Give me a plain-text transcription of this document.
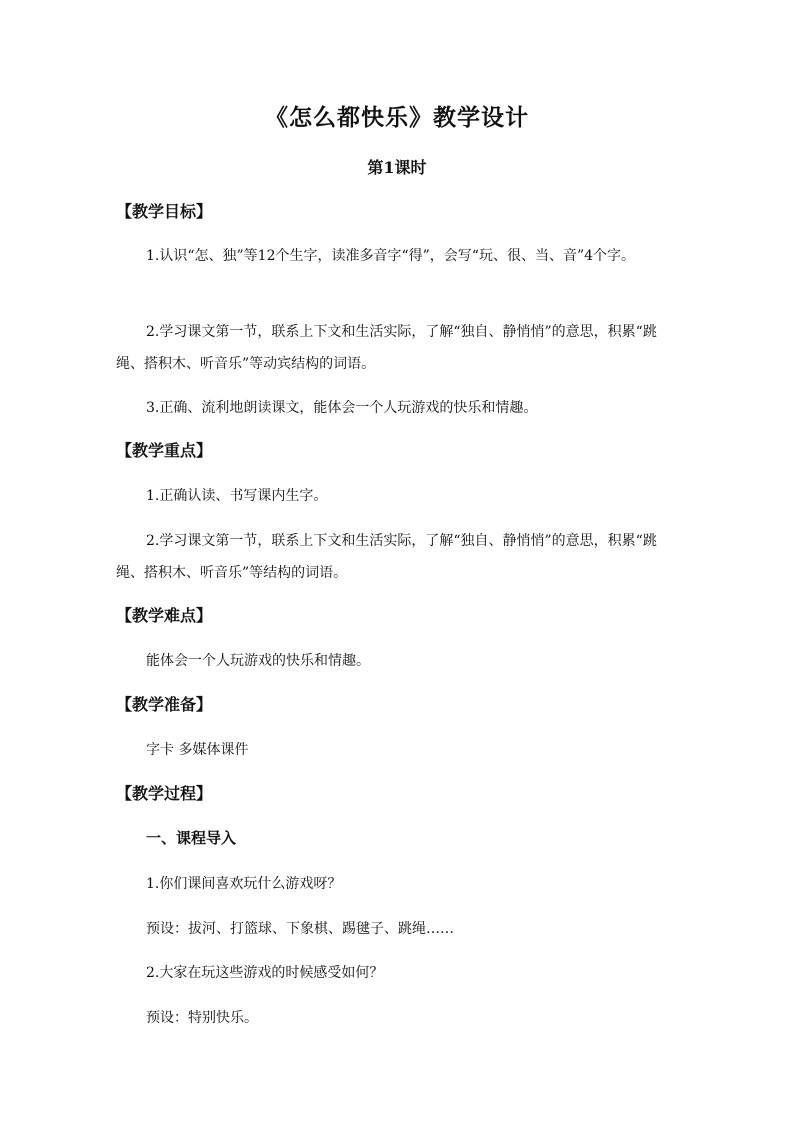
《怎么都快乐》教学设计
第1课时
【教学目标】
1.认识“怎、独”等12个生字，读准多音字“得”，会写“玩、很、当、音”4个字。
2.学习课文第一节，联系上下文和生活实际，了解“独自、静悄悄”的意思，积累“跳绳、搭积木、听音乐”等动宾结构的词语。
3.正确、流利地朗读课文，能体会一个人玩游戏的快乐和情趣。
【教学重点】
1.正确认读、书写课内生字。
2.学习课文第一节，联系上下文和生活实际，了解“独自、静悄悄”的意思，积累“跳绳、搭积木、听音乐”等结构的词语。
【教学难点】
能体会一个人玩游戏的快乐和情趣。
【教学准备】
字卡 多媒体课件
【教学过程】
一、课程导入
1.你们课间喜欢玩什么游戏呀？
预设：拔河、打篮球、下象棋、踢毽子、跳绳……
2.大家在玩这些游戏的时候感受如何？
预设：特别快乐。
